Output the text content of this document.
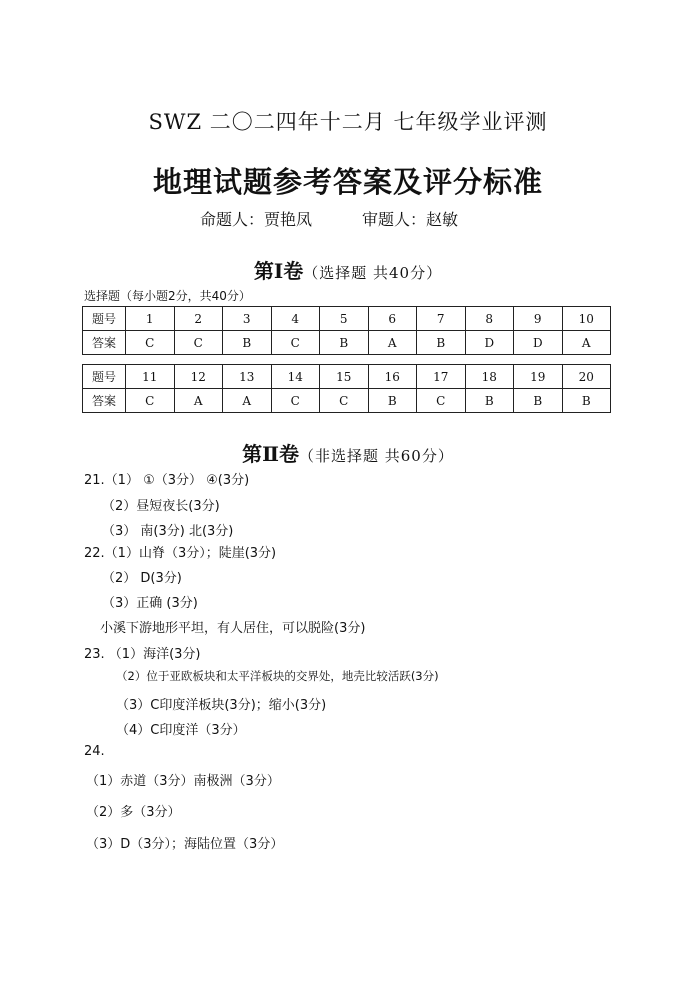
SWZ 二〇二四年十二月 七年级学业评测
地理试题参考答案及评分标准
命题人：贾艳凤	审题人：赵敏
第Ⅰ卷（选择题 共40分）
选择题（每小题2分，共40分）
题号	1	2	3	4	5	6	7	8	9	10
答案	C	C	B	C	B	A	B	D	D	A
题号	11	12	13	14	15	16	17	18	19	20
答案	C	A	A	C	C	B	C	B	B	B
第Ⅱ卷（非选择题 共60分）
21.（1） ①（3分） ④(3分)
（2）昼短夜长(3分)
（3） 南(3分) 北(3分)
22.（1）山脊（3分）；陡崖(3分)
（2） D(3分)
（3）正确 (3分)
小溪下游地形平坦，有人居住，可以脱险(3分)
23. （1）海洋(3分)
（2）位于亚欧板块和太平洋板块的交界处，地壳比较活跃(3分)
（3）C印度洋板块(3分)；缩小(3分)
（4）C印度洋（3分）
24.
（1）赤道（3分）南极洲（3分）
（2）多（3分）
（3）D（3分）；海陆位置（3分）
